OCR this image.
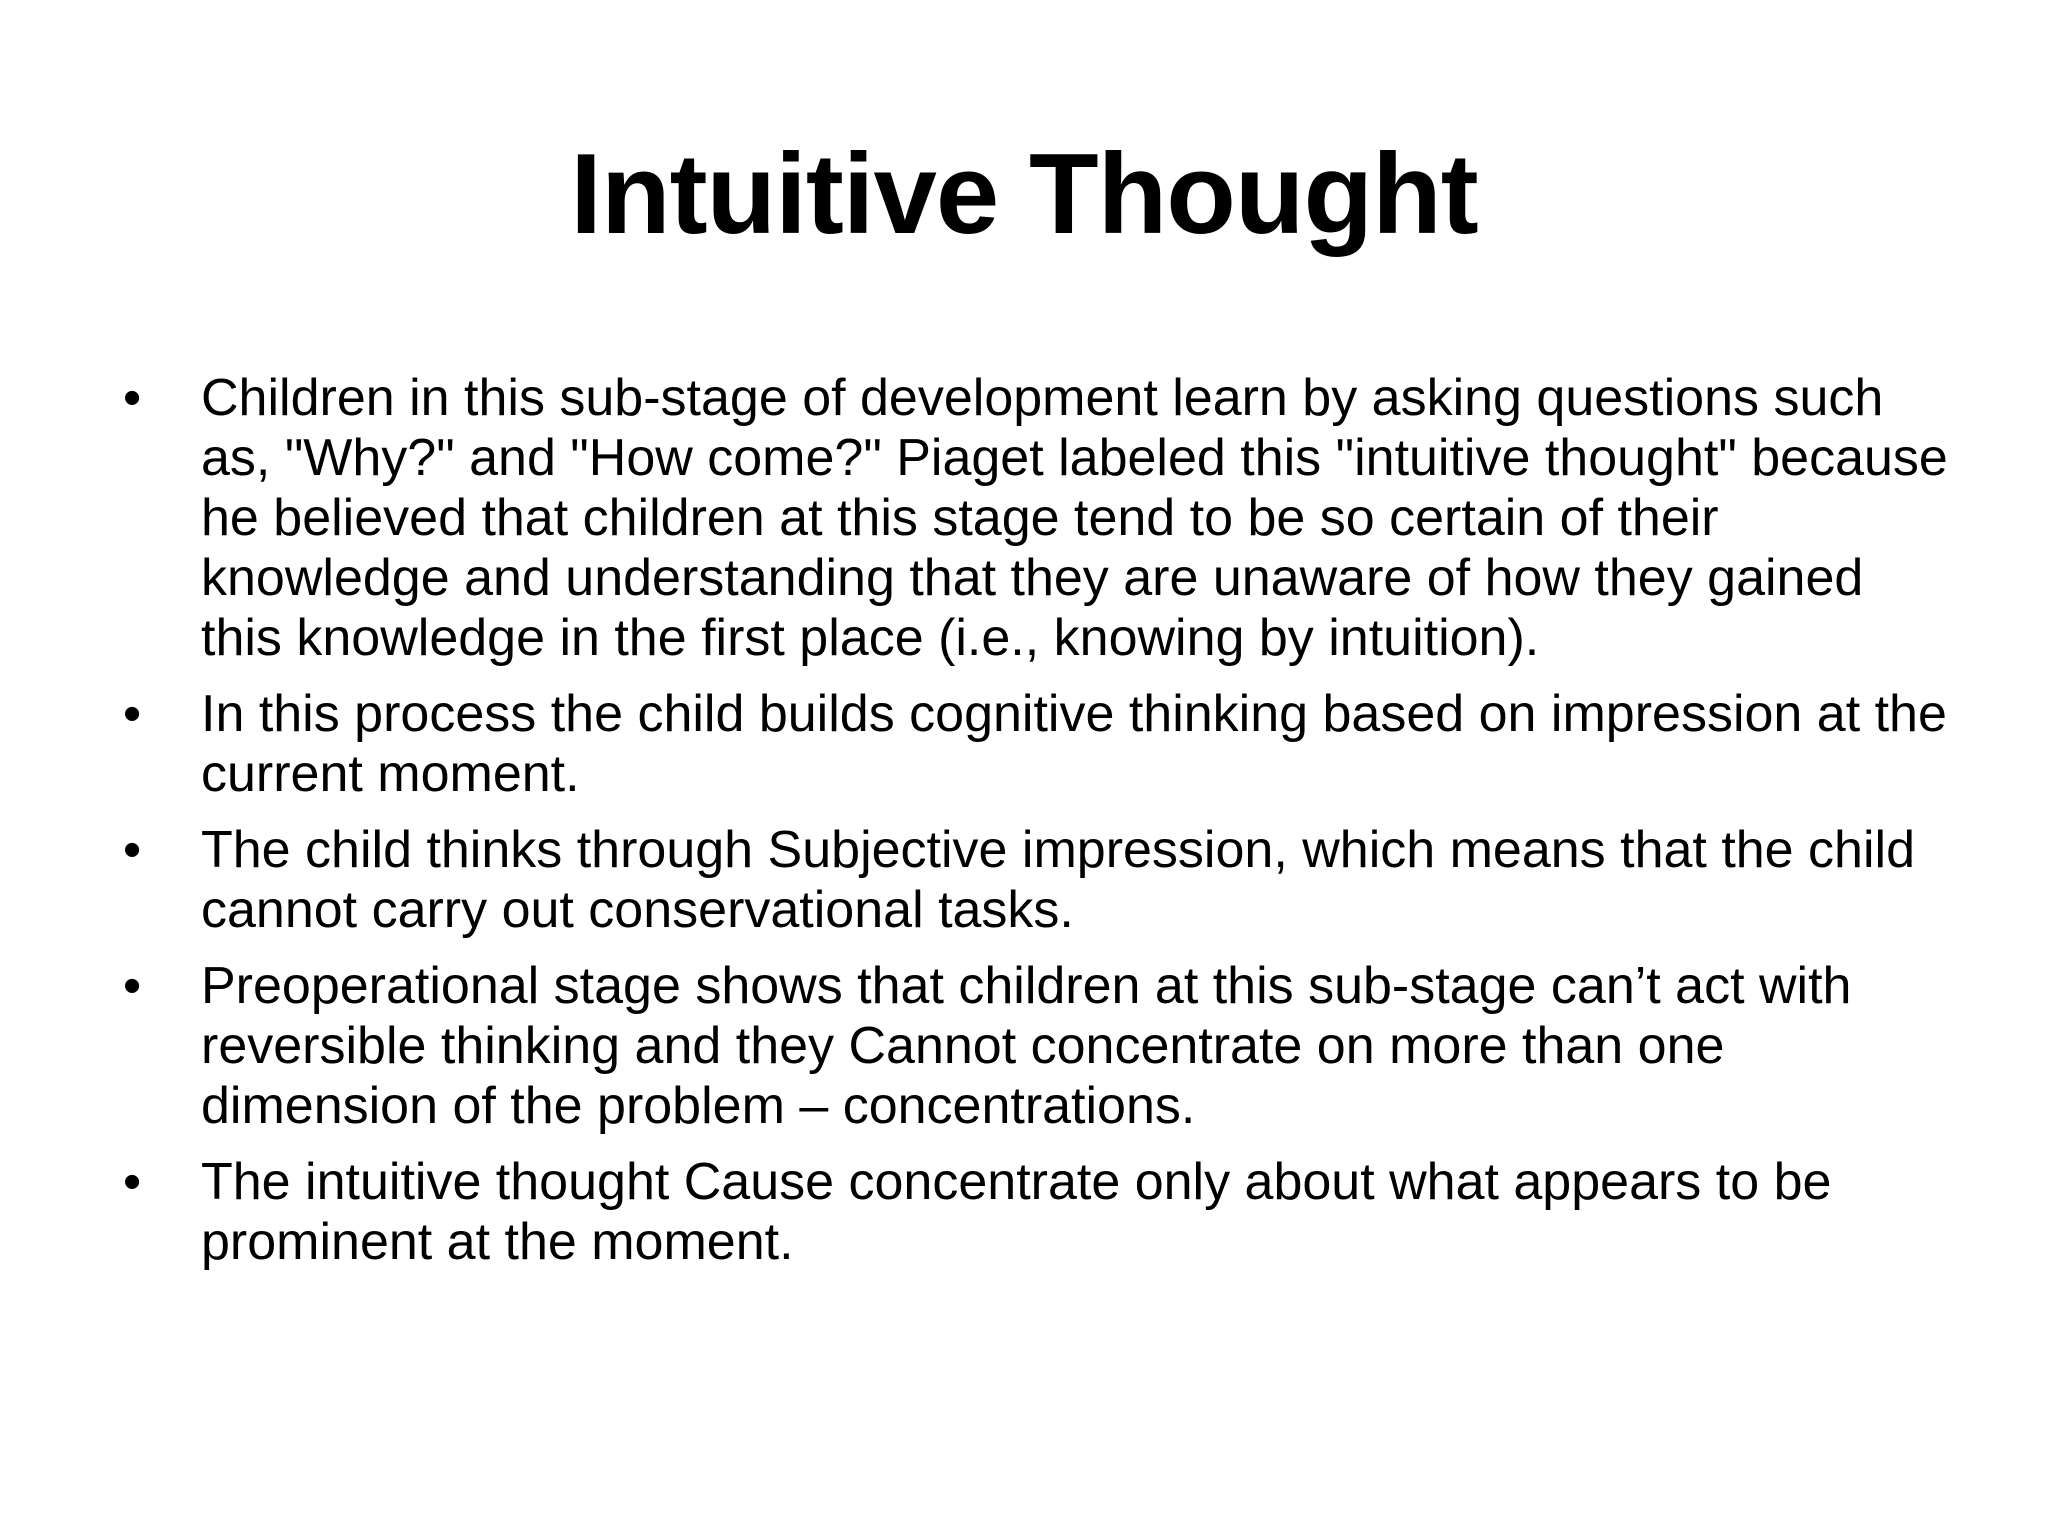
Intuitive Thought
•	Children in this sub-stage of development learn by asking questions such as, "Why?" and "How come?" Piaget labeled this "intuitive thought" because he believed that children at this stage tend to be so certain of their knowledge and understanding that they are unaware of how they gained this knowledge in the first place (i.e., knowing by intuition).
•	In this process the child builds cognitive thinking based on impression at the current moment.
•	The child thinks through Subjective impression, which means that the child cannot carry out conservational tasks.
•	Preoperational stage shows that children at this sub-stage can’t act with reversible thinking and they Cannot concentrate on more than one dimension of the problem – concentrations.
•	The intuitive thought Cause concentrate only about what appears to be prominent at the moment.
